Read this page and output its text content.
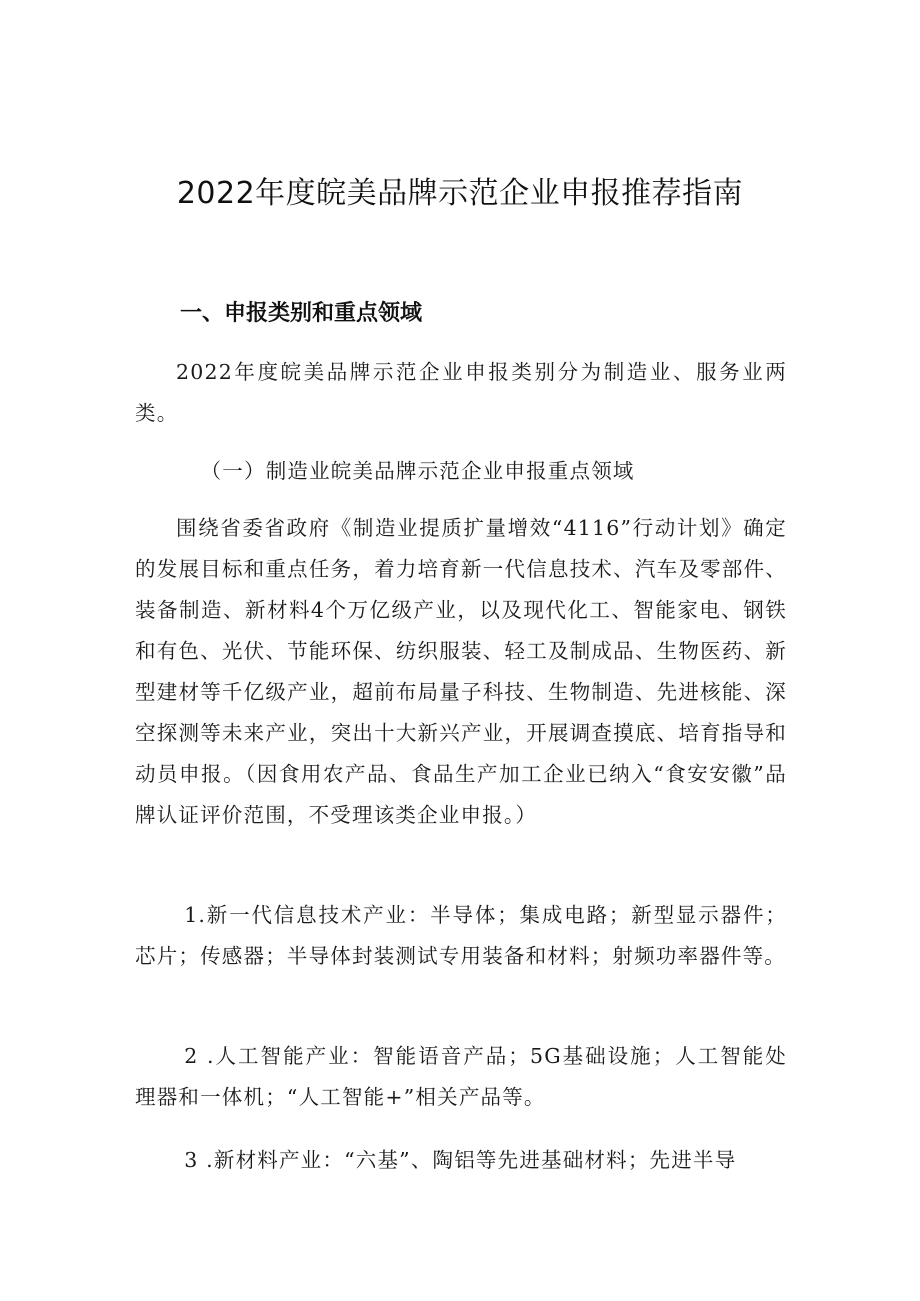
2022年度皖美品牌示范企业申报推荐指南
一、申报类别和重点领域

2022年度皖美品牌示范企业申报类别分为制造业、服务业两类。

（一）制造业皖美品牌示范企业申报重点领域

围绕省委省政府《制造业提质扩量增效“4116”行动计划》确定的发展目标和重点任务，着力培育新一代信息技术、汽车及零部件、装备制造、新材料4个万亿级产业，以及现代化工、智能家电、钢铁和有色、光伏、节能环保、纺织服装、轻工及制成品、生物医药、新型建材等千亿级产业，超前布局量子科技、生物制造、先进核能、深空探测等未来产业，突出十大新兴产业，开展调查摸底、培育指导和动员申报。（因食用农产品、食品生产加工企业已纳入“食安安徽”品牌认证评价范围，不受理该类企业申报。）

1.新一代信息技术产业：半导体；集成电路；新型显示器件；芯片；传感器；半导体封装测试专用装备和材料；射频功率器件等。

2 .人工智能产业：智能语音产品；5G基础设施；人工智能处理器和一体机；“人工智能+”相关产品等。

3 .新材料产业：“六基”、陶铝等先进基础材料；先进半导
